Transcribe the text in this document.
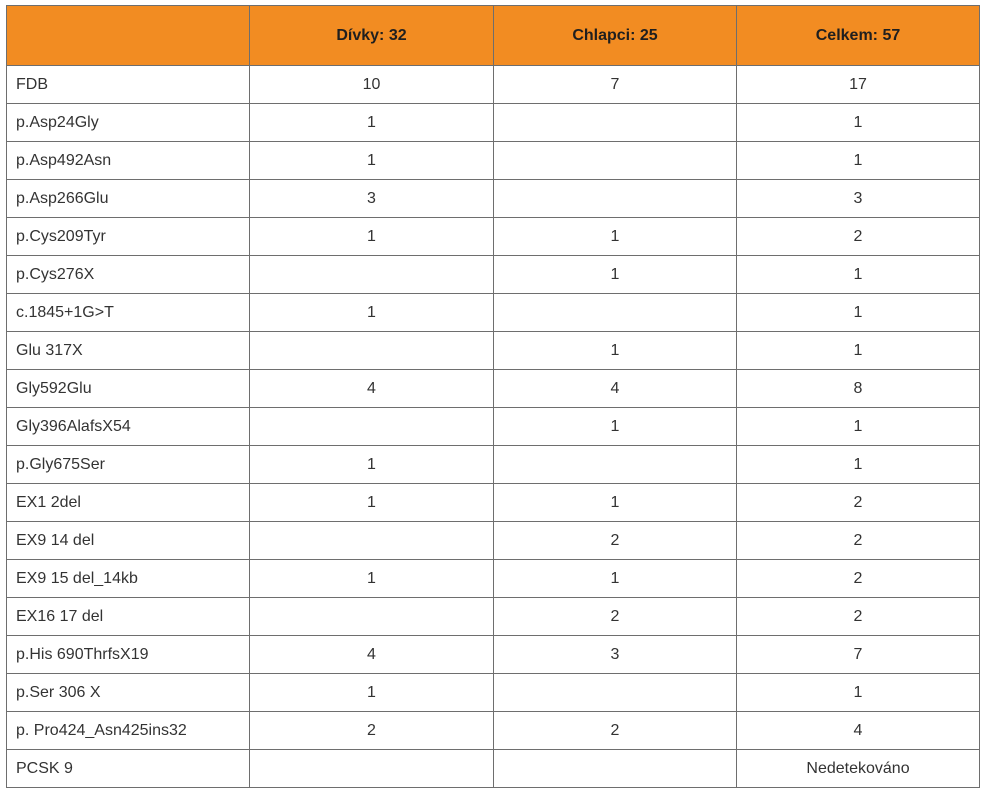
	Dívky: 32	Chlapci: 25	Celkem: 57
FDB	10	7	17
p.Asp24Gly	1		1
p.Asp492Asn	1		1
p.Asp266Glu	3		3
p.Cys209Tyr	1	1	2
p.Cys276X		1	1
c.1845+1G>T	1		1
Glu 317X		1	1
Gly592Glu	4	4	8
Gly396AlafsX54		1	1
p.Gly675Ser	1		1
EX1 2del	1	1	2
EX9 14 del		2	2
EX9 15 del_14kb	1	1	2
EX16 17 del		2	2
p.His 690ThrfsX19	4	3	7
p.Ser 306 X	1		1
p. Pro424_Asn425ins32	2	2	4
PCSK 9			Nedetekováno
